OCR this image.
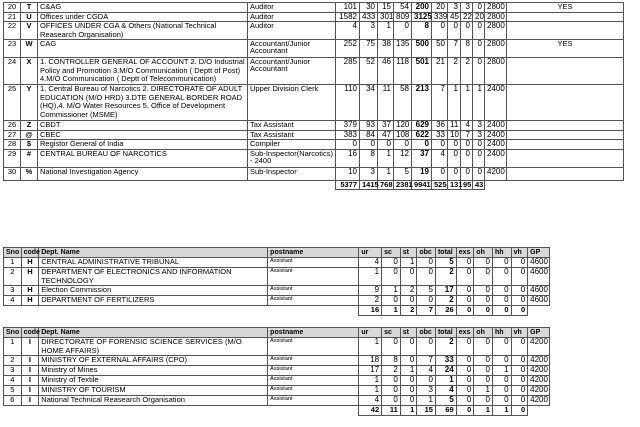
20	T	C&AG	Auditor	101	30	15	54	200	20	3	3	0	2800	YES
21	U	Offices under CGDA	Auditor	1582	433	301	809	3125	339	45	22	20	2800	
22	V	OFFICES UNDER CGA & Others (National Technical Reasearch Organisation)	Auditor	4	3	1	0	8	0	0	0	0	2800	
23	W	CAG	Accountant/Junior Accountant	252	75	38	135	500	50	7	8	0	2800	YES
24	X	1. CONTROLLER GENERAL OF ACCOUNT 2. D/O Industrial Policy and Promotion 3.M/O Communication ( Deptt of Post) 4.M/O Communication ( Deptt of Telecommunication)	Accountant/Junior Accountant	285	52	46	118	501	21	2	2	0	2800	
25	Y	1. Central Bureau of Narcotics 2. DIRECTORATE OF ADULT EDUCATION (M/O HRD) 3.DTE GENERAL BORDER ROAD (HQ),4. M/O Water Resources 5. Office of Development Commissioner (MSME)	Upper Division Clerk	110	34	11	58	213	7	1	1	1	2400	
26	Z	CBDT	Tax Assistant	379	93	37	120	629	36	11	4	3	2400	
27	@	CBEC	Tax Assistant	383	84	47	108	622	33	10	7	3	2400	
28	$	Registor General of India	Compiler	0	0	0	0	0	0	0	0	0	2400	
29	#	CENTRAL BUREAU OF NARCOTICS	Sub-Inspector(Narcotics) - 2400	16	8	1	12	37	4	0	0	0	2400	
30	%	National Investigation Agency	Sub-Inspector	10	3	1	5	19	0	0	0	0	4200	
				5377	1415	768	2381	9941	525	131	95	43		
Sno	code	Dept. Name	postname	ur	sc	st	obc	total	exs	oh	hh	vh	GP
1	H	CENTRAL ADMINISTRATIVE TRIBUNAL	Assistant	4	0	1	0	5	0	0	0	0	4600
2	H	DEPARTMENT OF ELECTRONICS AND INFORMATION TECHNOLOGY	Assistant	1	0	0	0	2	0	0	0	0	4600
3	H	Election Commission	Assistant	9	1	2	5	17	0	0	0	0	4600
4	H	DEPARTMENT OF FERTILIZERS	Assistant	2	0	0	0	2	0	0	0	0	4600
				16	1	2	7	26	0	0	0	0	
Sno	code	Dept. Name	postname	ur	sc	st	obc	total	exs	oh	hh	vh	GP
1	I	DIRECTORATE OF FORENSIC SCIENCE SERVICES (M/O HOME AFFAIRS)	Assistant	1	0	0	0	2	0	0	0	0	4200
2	I	MINISTRY OF EXTERNAL AFFAIRS (CPO)	Assistant	18	8	0	7	33	0	0	0	0	4200
3	I	Ministry of Mines	Assistant	17	2	1	4	24	0	0	1	0	4200
4	I	Ministry of Textile	Assistant	1	0	0	0	1	0	0	0	0	4200
5	I	MINISTRY OF TOURISM	Assistant	1	0	0	3	4	0	1	0	0	4200
6	I	National Technical Reasearch Organisation	Assistant	4	0	0	1	5	0	0	0	0	4200
				42	11	1	15	69	0	1	1	0	
